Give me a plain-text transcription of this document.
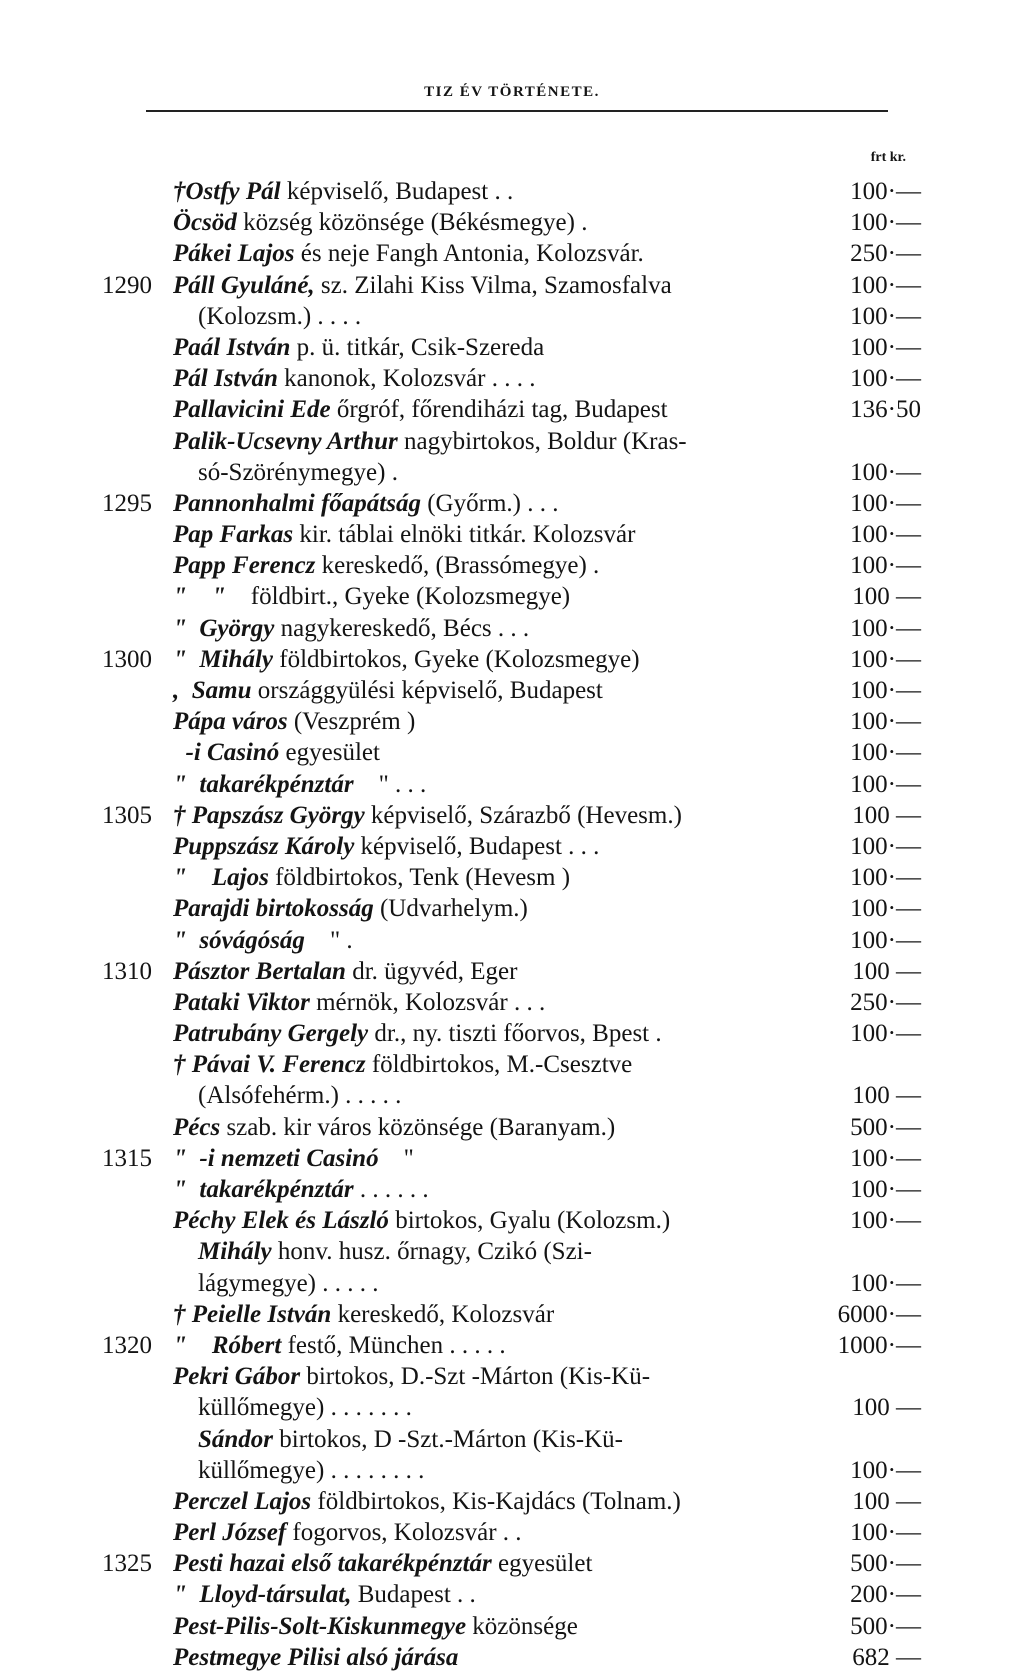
TIZ ÉV TÖRTÉNETE.
frt kr.
†Ostfy Pál képviselő, Budapest . .	100·—
Öcsöd község közönsége (Békésmegye) .	100·—
Pákei Lajos és neje Fangh Antonia, Kolozsvár.	250·—
1290 Páll Gyuláné, sz. Zilahi Kiss Vilma, Szamosfalva	100·—
(Kolozsm.) . . . .	100·—
Paál István p. ü. titkár, Csik-Szereda	100·—
Pál István kanonok, Kolozsvár . . . .	100·—
Pallavicini Ede őrgróf, főrendiházi tag, Budapest	136·50
Palik-Ucsevny Arthur nagybirtokos, Boldur (Kras-
só-Szörénymegye) .	100·—
1295 Pannonhalmi főapátság (Győrm.) . . .	100·—
Pap Farkas kir. táblai elnöki titkár. Kolozsvár	100·—
Papp Ferencz kereskedő, (Brassómegye) .	100·—
"    "    földbirt., Gyeke (Kolozsmegye)	100 —
"  György nagykereskedő, Bécs . . .	100·—
1300 "  Mihály földbirtokos, Gyeke (Kolozsmegye)	100·—
,  Samu országgyülési képviselő, Budapest	100·—
Pápa város (Veszprém )	100·—
-i Casinó egyesület	100·—
"  takarékpénztár    " . . .	100·—
1305 † Papszász György képviselő, Szárazbő (Hevesm.)	100 —
Puppszász Károly képviselő, Budapest . . .	100·—
"    Lajos földbirtokos, Tenk (Hevesm )	100·—
Parajdi birtokosság (Udvarhelym.)	100·—
"  sóvágóság    " .	100·—
1310 Pásztor Bertalan dr. ügyvéd, Eger	100 —
Pataki Viktor mérnök, Kolozsvár . . .	250·—
Patrubány Gergely dr., ny. tiszti főorvos, Bpest .	100·—
† Pávai V. Ferencz földbirtokos, M.-Csesztve
(Alsófehérm.) . . . . .	100 —
Pécs szab. kir város közönsége (Baranyam.)	500·—
1315 "  -i nemzeti Casinó    "	100·—
"  takarékpénztár . . . . . .	100·—
Péchy Elek és László birtokos, Gyalu (Kolozsm.)	100·—
Mihály honv. husz. őrnagy, Czikó (Szi-
lágymegye) . . . . .	100·—
† Peielle István kereskedő, Kolozsvár	6000·—
1320 "    Róbert festő, München . . . . .	1000·—
Pekri Gábor birtokos, D.-Szt -Márton (Kis-Kü-
küllőmegye) . . . . . . .	100 —
Sándor birtokos, D -Szt.-Márton (Kis-Kü-
küllőmegye) . . . . . . . .	100·—
Perczel Lajos földbirtokos, Kis-Kajdács (Tolnam.)	100 —
Perl József fogorvos, Kolozsvár . .	100·—
1325 Pesti hazai első takarékpénztár egyesület	500·—
"  Lloyd-társulat, Budapest . .	200·—
Pest-Pilis-Solt-Kiskunmegye közönsége	500·—
Pestmegye Pilisi alsó járása	682 —
